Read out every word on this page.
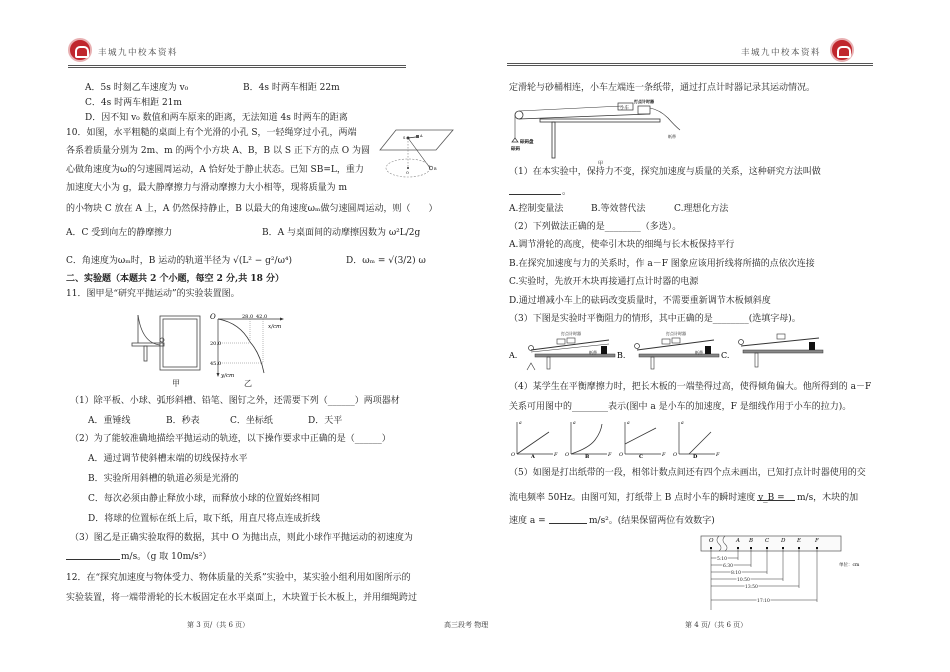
丰城九中校本资料
A．5s 时刻乙车速度为 v₀	B．4s 时两车相距 22m
C．4s 时两车相距 21m
D．因不知 v₀ 数值和两车原来的距离，无法知道 4s 时两车的距离
10．如图，水平粗糙的桌面上有个光滑的小孔 S，一轻绳穿过小孔，两端
各系着质量分别为 2m、m 的两个小方块 A、B，B 以 S 正下方的点 O 为圆
心做角速度为ω的匀速圆周运动，A 恰好处于静止状态。已知 SB=L，重力
加速度大小为 g，最大静摩擦力与滑动摩擦力大小相等，现将质量为 m
的小物块 C 放在 A 上，A 仍然保持静止，B 以最大的角速度ωₘ做匀速圆周运动，则（　　）
S	A
B
O
A．C 受到向左的静摩擦力	B．A 与桌面间的动摩擦因数为 ω²L/2g
C．角速度为ωₘ时，B 运动的轨道半径为 √(L² − g²/ω⁴)	D．ωₘ = √(3/2) ω
二、实验题（本题共 2 个小题，每空 2 分,共 18 分）
11．图甲是“研究平抛运动”的实验装置图。
甲
O	28.0 42.0
20.0
45.0
x/cm
y/cm
乙
（1）除平板、小球、弧形斜槽、铅笔、图钉之外，还需要下列（______）两项器材
A．重锤线	B．秒表	C．坐标纸	D．天平
（2）为了能较准确地描绘平抛运动的轨迹，以下操作要求中正确的是（______）
A．通过调节使斜槽末端的切线保持水平
B．实验所用斜槽的轨道必须是光滑的
C．每次必须由静止释放小球，而释放小球的位置始终相同
D．将球的位置标在纸上后，取下纸，用直尺将点连成折线
（3）图乙是正确实验取得的数据，其中 O 为抛出点，则此小球作平抛运动的初速度为
m/s。（g 取 10m/s²）
12．在“探究加速度与物体受力、物体质量的关系”实验中，某实验小组利用如图所示的
实验装置，将一端带滑轮的长木板固定在水平桌面上，木块置于长木板上，并用细绳跨过
第 3 页/（共 6 页）	高三段考 物理
丰城九中校本资料
定滑轮与砂桶相连，小车左端连一条纸带，通过打点计时器记录其运动情况。
小车
打点计时器
纸带
砝码盘
砝码
甲
（1）在本实验中，保持力不变，探究加速度与质量的关系，这种研究方法叫做
。
A.控制变量法	B.等效替代法	C.理想化方法
（2）下列做法正确的是________（多选）。
A.调节滑轮的高度，使牵引木块的细绳与长木板保持平行
B.在探究加速度与力的关系时，作 a－F 图象应该用折线将所描的点依次连接
C.实验时，先放开木块再接通打点计时器的电源
D.通过增减小车上的砝码改变质量时，不需要重新调节木板倾斜度
（3）下图是实验时平衡阻力的情形，其中正确的是________(选填字母)。
A.
打点计时器
纸带	B.
打点计时器
纸带 C.
（4）某学生在平衡摩擦力时，把长木板的一端垫得过高，使得倾角偏大。他所得到的 a－F
关系可用图中的________表示(图中 a 是小车的加速度，F 是细线作用于小车的拉力)。
a
O	A	F
a
O	B	F
a
O	C	F
a
O	D	F
（5）如图是打出纸带的一段，相邻计数点间还有四个点未画出，已知打点计时器使用的交
流电频率 50Hz。由图可知，打纸带上 B 点时小车的瞬时速度 v_B = m/s，木块的加
速度 a =	m/s²。(结果保留两位有效数字)
O	A B C D E	F
5.10
6.30
8.10
10.50
13.50
17.10
单位：cm
第 4 页/（共 6 页）
